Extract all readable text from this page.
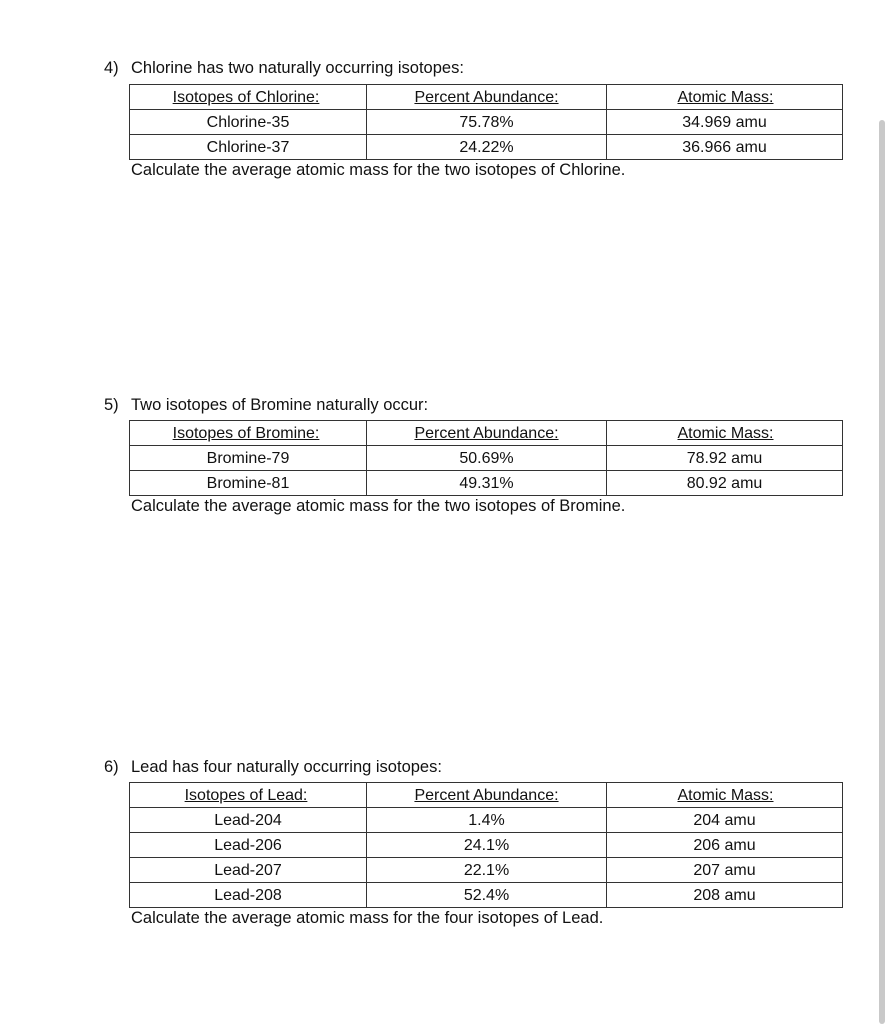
4) Chlorine has two naturally occurring isotopes:
Isotopes of Chlorine:	Percent Abundance:	Atomic Mass:
Chlorine-35	75.78%	34.969 amu
Chlorine-37	24.22%	36.966 amu
Calculate the average atomic mass for the two isotopes of Chlorine.
5) Two isotopes of Bromine naturally occur:
Isotopes of Bromine:	Percent Abundance:	Atomic Mass:
Bromine-79	50.69%	78.92 amu
Bromine-81	49.31%	80.92 amu
Calculate the average atomic mass for the two isotopes of Bromine.
6) Lead has four naturally occurring isotopes:
Isotopes of Lead:	Percent Abundance:	Atomic Mass:
Lead-204	1.4%	204 amu
Lead-206	24.1%	206 amu
Lead-207	22.1%	207 amu
Lead-208	52.4%	208 amu
Calculate the average atomic mass for the four isotopes of Lead.
